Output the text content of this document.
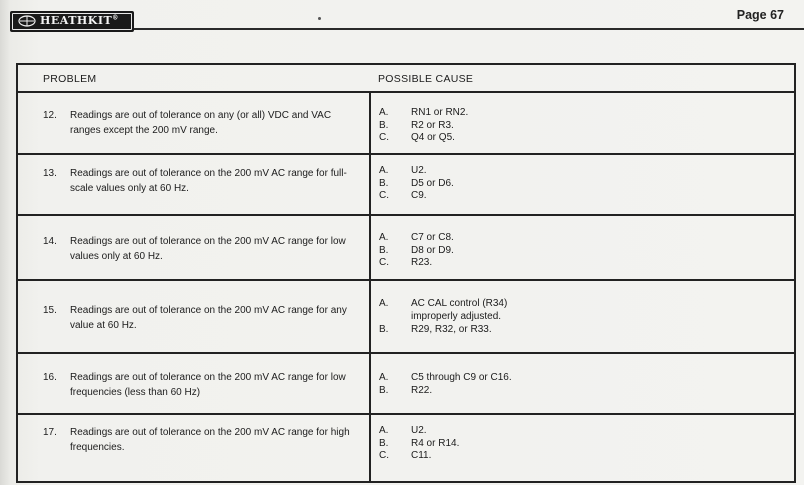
HEATHKIT®	Page 67
PROBLEM	POSSIBLE CAUSE
12.	Readings are out of tolerance on any (or all) VDC and VAC ranges except the 200 mV range.
A.	RN1 or RN2.
B.	R2 or R3.
C.	Q4 or Q5.
13.	Readings are out of tolerance on the 200 mV AC range for full-scale values only at 60 Hz.
A.	U2.
B.	D5 or D6.
C.	C9.
14.	Readings are out of tolerance on the 200 mV AC range for low values only at 60 Hz.
A.	C7 or C8.
B.	D8 or D9.
C.	R23.
15.	Readings are out of tolerance on the 200 mV AC range for any value at 60 Hz.
A.	AC CAL control (R34)
improperly adjusted.
B.	R29, R32, or R33.
16.	Readings are out of tolerance on the 200 mV AC range for low frequencies (less than 60 Hz)
A.	C5 through C9 or C16.
B.	R22.
17.	Readings are out of tolerance on the 200 mV AC range for high frequencies.
A.	U2.
B.	R4 or R14.
C.	C11.
